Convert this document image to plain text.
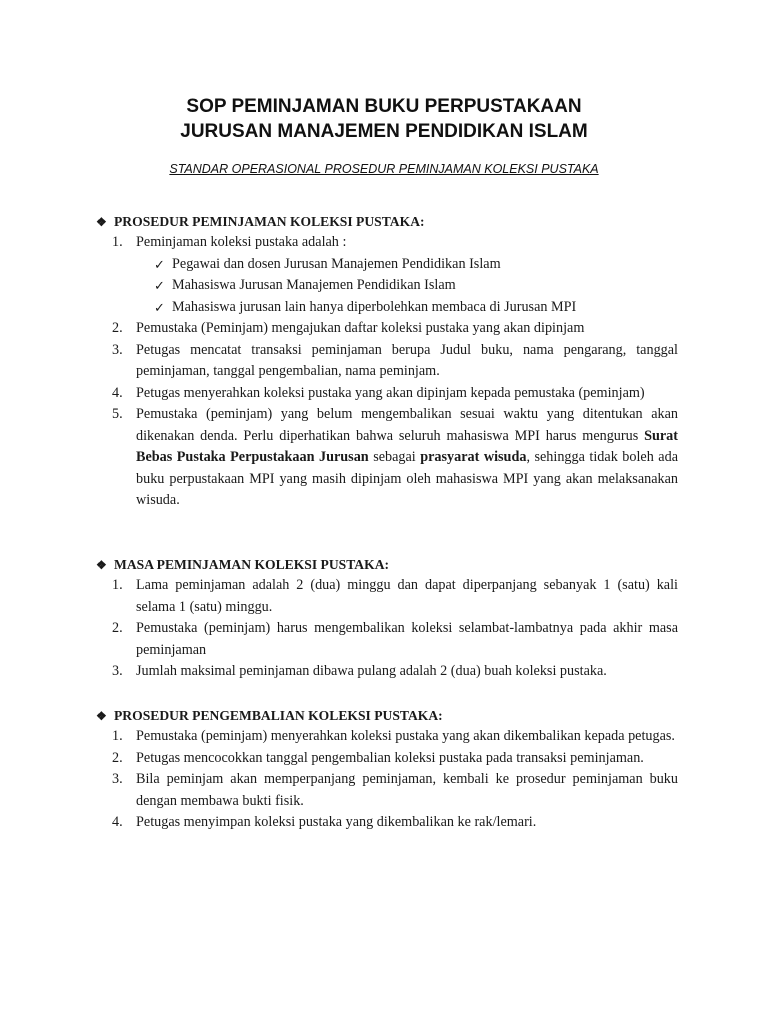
SOP PEMINJAMAN BUKU PERPUSTAKAAN
JURUSAN MANAJEMEN PENDIDIKAN ISLAM
STANDAR OPERASIONAL PROSEDUR PEMINJAMAN KOLEKSI PUSTAKA
❖ PROSEDUR PEMINJAMAN KOLEKSI PUSTAKA:
1. Peminjaman koleksi pustaka adalah :
✓ Pegawai dan dosen Jurusan Manajemen Pendidikan Islam
✓ Mahasiswa Jurusan Manajemen Pendidikan Islam
✓ Mahasiswa jurusan lain hanya diperbolehkan membaca di Jurusan MPI
2. Pemustaka (Peminjam) mengajukan daftar koleksi pustaka yang akan dipinjam
3. Petugas mencatat transaksi peminjaman berupa Judul buku, nama pengarang, tanggal peminjaman, tanggal pengembalian, nama peminjam.
4. Petugas menyerahkan koleksi pustaka yang akan dipinjam kepada pemustaka (peminjam)
5. Pemustaka (peminjam) yang belum mengembalikan sesuai waktu yang ditentukan akan dikenakan denda. Perlu diperhatikan bahwa seluruh mahasiswa MPI harus mengurus Surat Bebas Pustaka Perpustakaan Jurusan sebagai prasyarat wisuda, sehingga tidak boleh ada buku perpustakaan MPI yang masih dipinjam oleh mahasiswa MPI yang akan melaksanakan wisuda.
❖ MASA PEMINJAMAN KOLEKSI PUSTAKA:
1. Lama peminjaman adalah 2 (dua) minggu dan dapat diperpanjang sebanyak 1 (satu) kali selama 1 (satu) minggu.
2. Pemustaka (peminjam) harus mengembalikan koleksi selambat-lambatnya pada akhir masa peminjaman
3. Jumlah maksimal peminjaman dibawa pulang adalah 2 (dua) buah koleksi pustaka.
❖ PROSEDUR PENGEMBALIAN KOLEKSI PUSTAKA:
1. Pemustaka (peminjam) menyerahkan koleksi pustaka yang akan dikembalikan kepada petugas.
2. Petugas mencocokkan tanggal pengembalian koleksi pustaka pada transaksi peminjaman.
3. Bila peminjam akan memperpanjang peminjaman, kembali ke prosedur peminjaman buku dengan membawa bukti fisik.
4. Petugas menyimpan koleksi pustaka yang dikembalikan ke rak/lemari.
